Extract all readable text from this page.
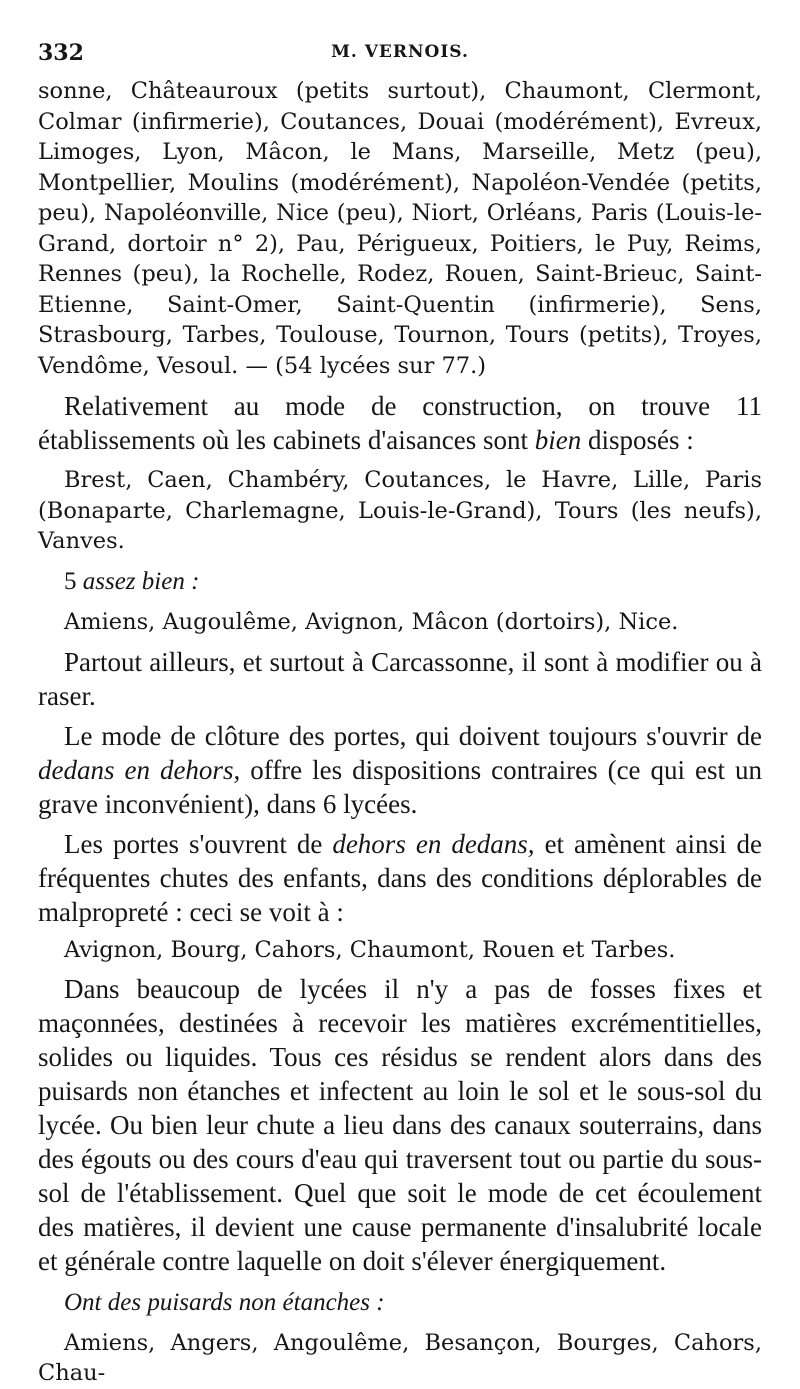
332	M. VERNOIS.
sonne, Châteauroux (petits surtout), Chaumont, Clermont, Colmar (infirmerie), Coutances, Douai (modérément), Evreux, Limoges, Lyon, Mâcon, le Mans, Marseille, Metz (peu), Montpellier, Moulins (modérément), Napoléon-Vendée (petits, peu), Napoléonville, Nice (peu), Niort, Orléans, Paris (Louis-le-Grand, dortoir n° 2), Pau, Périgueux, Poitiers, le Puy, Reims, Rennes (peu), la Rochelle, Rodez, Rouen, Saint-Brieuc, Saint-Etienne, Saint-Omer, Saint-Quentin (infirmerie), Sens, Strasbourg, Tarbes, Toulouse, Tournon, Tours (petits), Troyes, Vendôme, Vesoul. — (54 lycées sur 77.)
Relativement au mode de construction, on trouve 11 établissements où les cabinets d'aisances sont bien disposés :
Brest, Caen, Chambéry, Coutances, le Havre, Lille, Paris (Bonaparte, Charlemagne, Louis-le-Grand), Tours (les neufs), Vanves.
5 assez bien :
Amiens, Augoulême, Avignon, Mâcon (dortoirs), Nice.
Partout ailleurs, et surtout à Carcassonne, il sont à modifier ou à raser.
Le mode de clôture des portes, qui doivent toujours s'ouvrir de dedans en dehors, offre les dispositions contraires (ce qui est un grave inconvénient), dans 6 lycées.
Les portes s'ouvrent de dehors en dedans, et amènent ainsi de fréquentes chutes des enfants, dans des conditions déplorables de malpropreté : ceci se voit à :
Avignon, Bourg, Cahors, Chaumont, Rouen et Tarbes.
Dans beaucoup de lycées il n'y a pas de fosses fixes et maçonnées, destinées à recevoir les matières excrémentitielles, solides ou liquides. Tous ces résidus se rendent alors dans des puisards non étanches et infectent au loin le sol et le sous-sol du lycée. Ou bien leur chute a lieu dans des canaux souterrains, dans des égouts ou des cours d'eau qui traversent tout ou partie du sous-sol de l'établissement. Quel que soit le mode de cet écoulement des matières, il devient une cause permanente d'insalubrité locale et générale contre laquelle on doit s'élever énergiquement.
Ont des puisards non étanches :
Amiens, Angers, Angoulême, Besançon, Bourges, Cahors, Chau-
